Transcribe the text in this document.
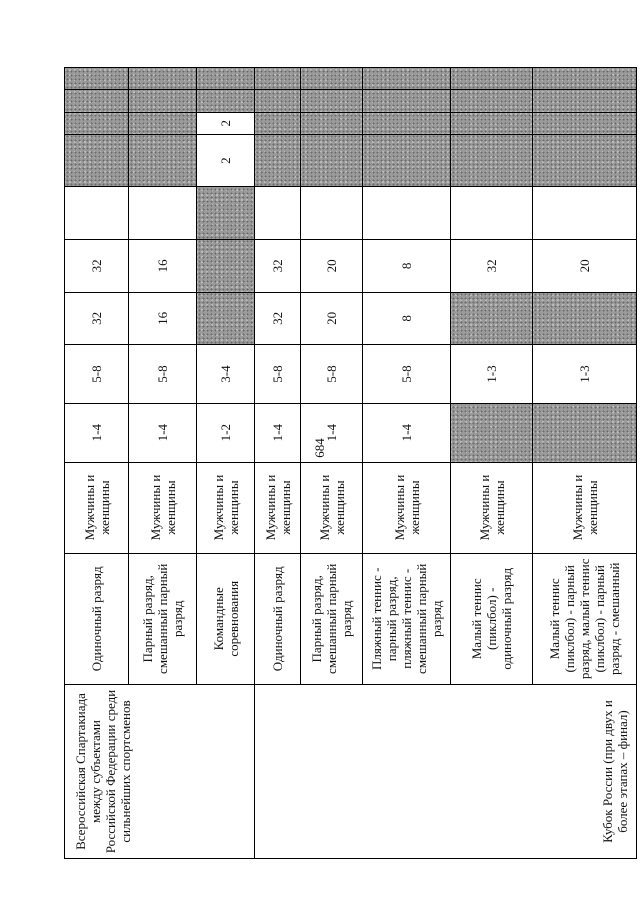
684
Всероссийская Спартакиада между субъектами Российской Федерации среди сильнейших спортсменов	Одиночный разряд	Мужчины и женщины	1-4	5-8	32	32					
	Парный разряд, смешанный парный разряд	Мужчины и женщины	1-4	5-8	16	16					
	Командные соревнования	Мужчины и женщины	1-2	3-4				2	2		
Кубок России (при двух и более этапах – финал)	Одиночный разряд	Мужчины и женщины	1-4	5-8	32	32					
	Парный разряд, смешанный парный разряд	Мужчины и женщины	1-4	5-8	20	20					
	Пляжный теннис - парный разряд, пляжный теннис - смешанный парный разряд	Мужчины и женщины	1-4	5-8	8	8					
	Малый теннис (пиклбол) - одиночный разряд	Мужчины и женщины		1-3		32					
	Малый теннис (пиклбол) - парный разряд, малый теннис (пиклбол) - парный разряд - смешанный	Мужчины и женщины		1-3		20					
